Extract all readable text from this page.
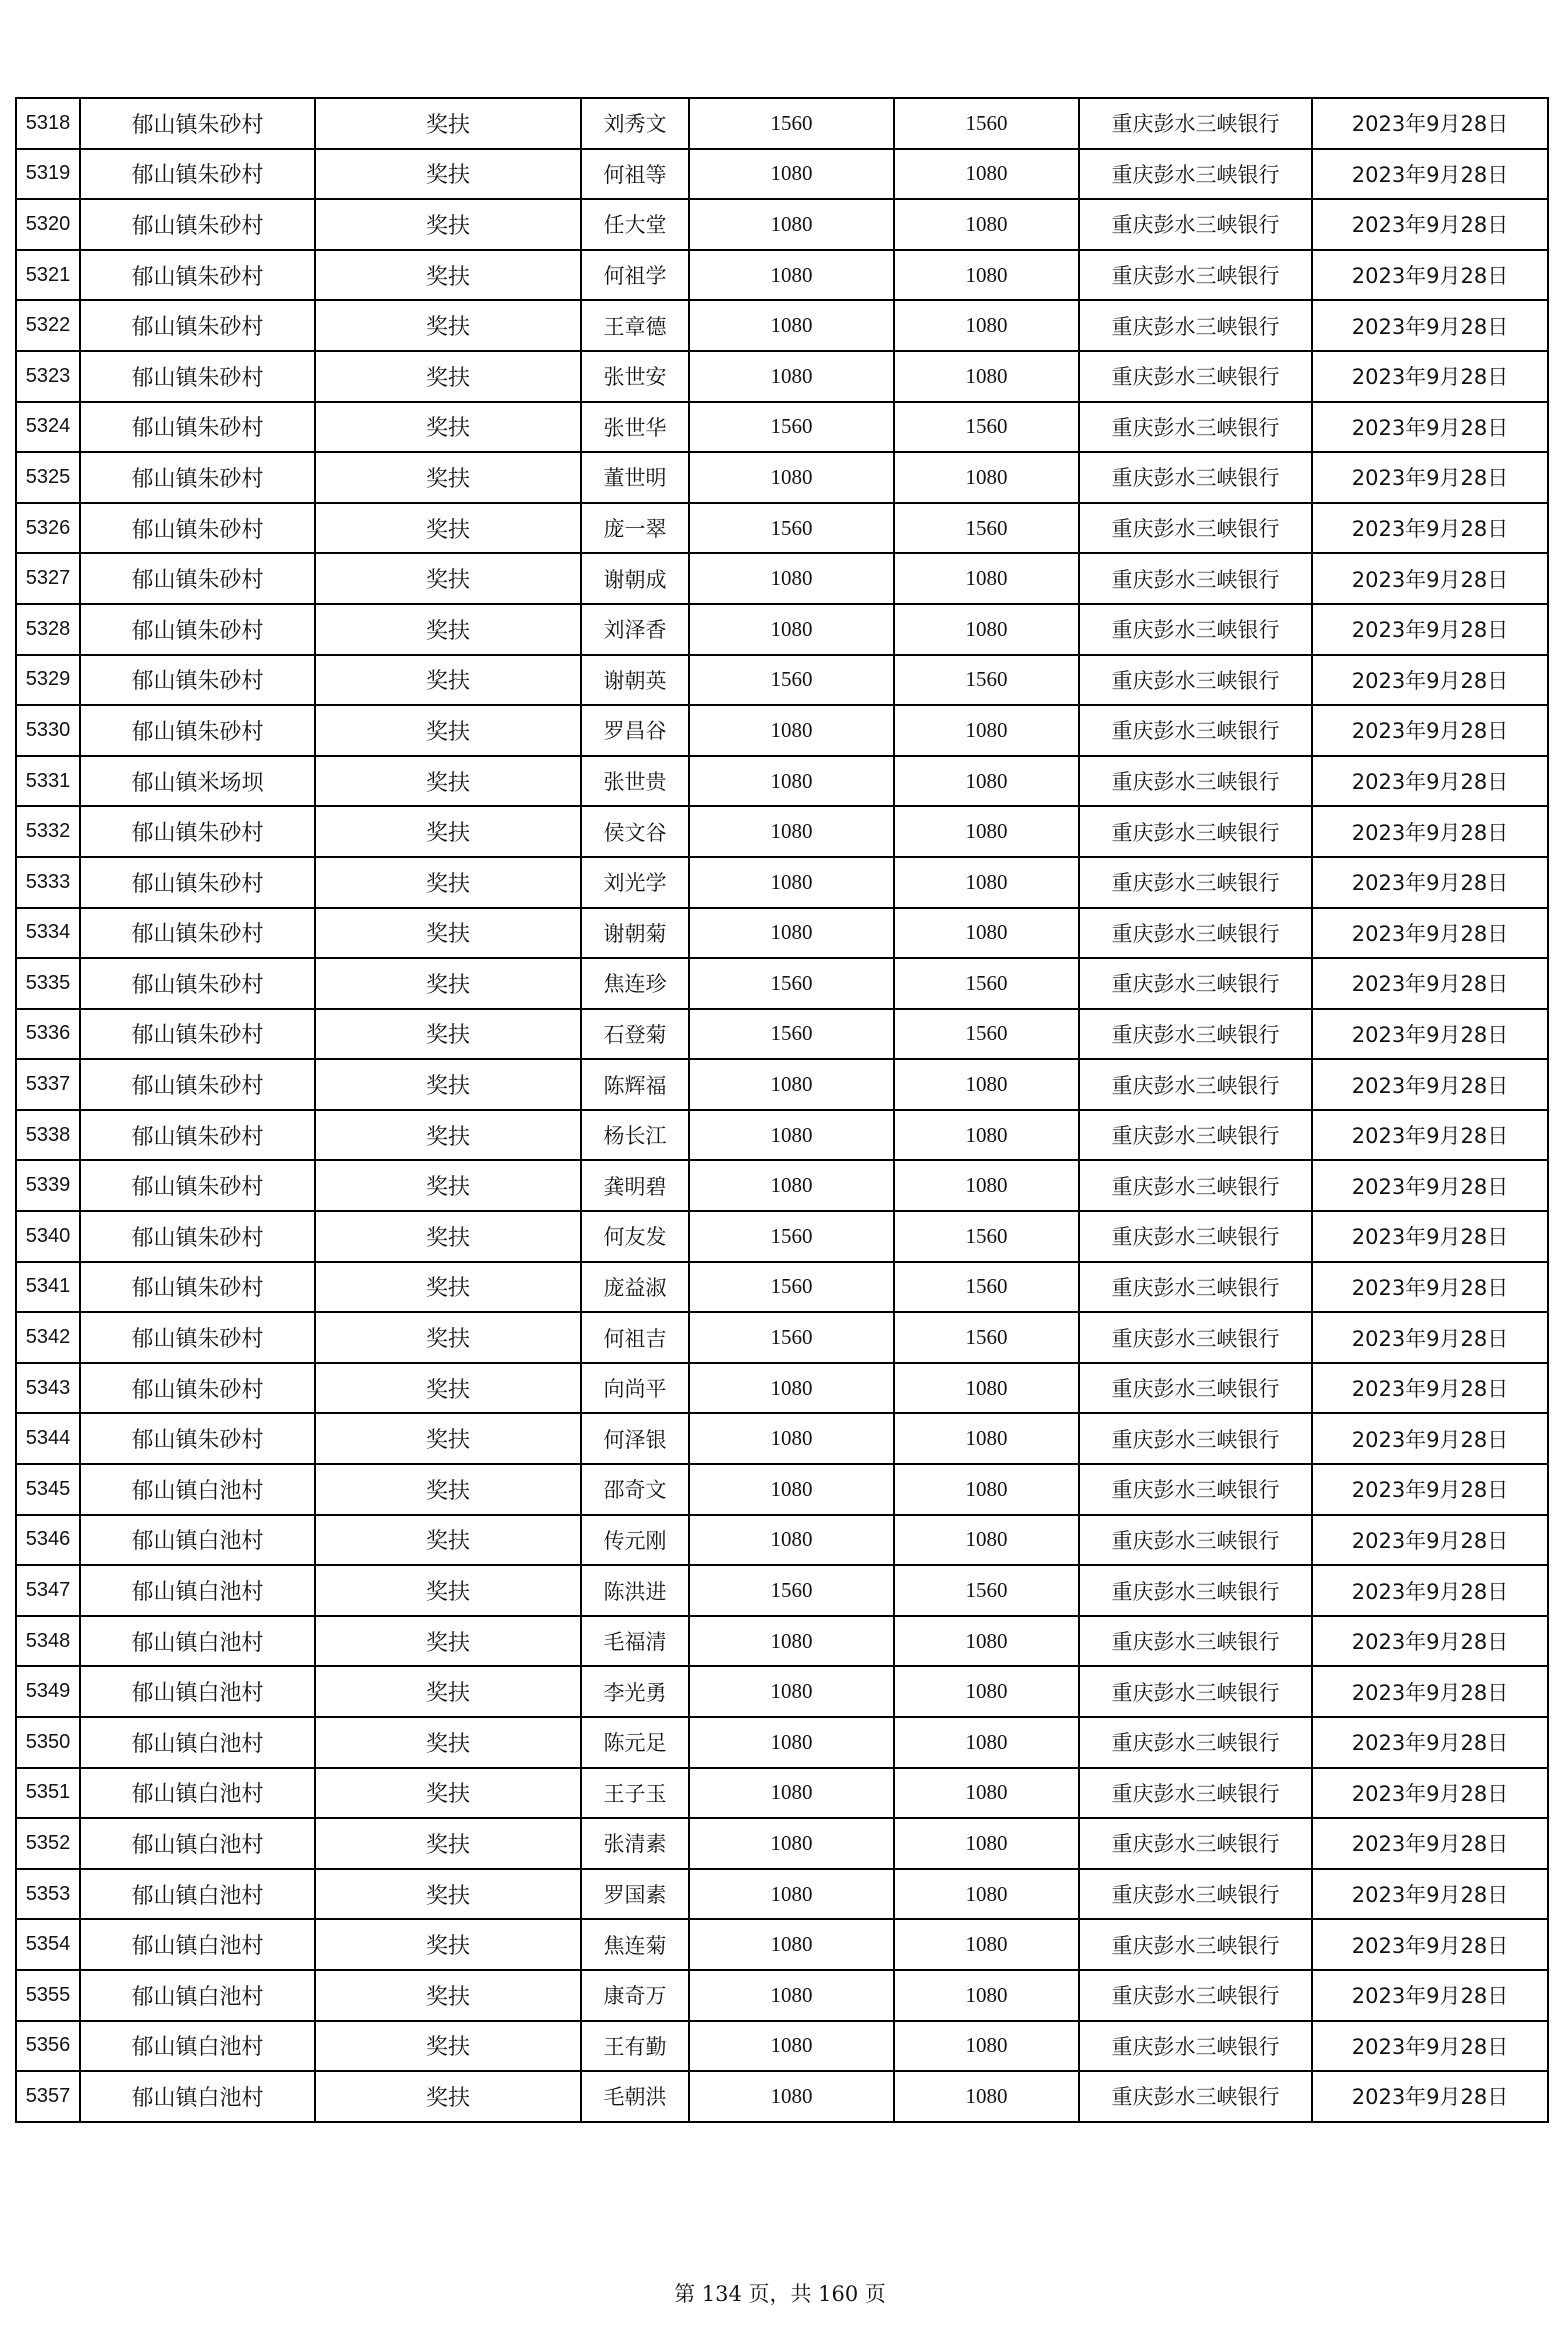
5318	郁山镇朱砂村	奖扶	刘秀文	1560	1560	重庆彭水三峡银行	2023年9月28日
5319	郁山镇朱砂村	奖扶	何祖等	1080	1080	重庆彭水三峡银行	2023年9月28日
5320	郁山镇朱砂村	奖扶	任大堂	1080	1080	重庆彭水三峡银行	2023年9月28日
5321	郁山镇朱砂村	奖扶	何祖学	1080	1080	重庆彭水三峡银行	2023年9月28日
5322	郁山镇朱砂村	奖扶	王章德	1080	1080	重庆彭水三峡银行	2023年9月28日
5323	郁山镇朱砂村	奖扶	张世安	1080	1080	重庆彭水三峡银行	2023年9月28日
5324	郁山镇朱砂村	奖扶	张世华	1560	1560	重庆彭水三峡银行	2023年9月28日
5325	郁山镇朱砂村	奖扶	董世明	1080	1080	重庆彭水三峡银行	2023年9月28日
5326	郁山镇朱砂村	奖扶	庞一翠	1560	1560	重庆彭水三峡银行	2023年9月28日
5327	郁山镇朱砂村	奖扶	谢朝成	1080	1080	重庆彭水三峡银行	2023年9月28日
5328	郁山镇朱砂村	奖扶	刘泽香	1080	1080	重庆彭水三峡银行	2023年9月28日
5329	郁山镇朱砂村	奖扶	谢朝英	1560	1560	重庆彭水三峡银行	2023年9月28日
5330	郁山镇朱砂村	奖扶	罗昌谷	1080	1080	重庆彭水三峡银行	2023年9月28日
5331	郁山镇米场坝	奖扶	张世贵	1080	1080	重庆彭水三峡银行	2023年9月28日
5332	郁山镇朱砂村	奖扶	侯文谷	1080	1080	重庆彭水三峡银行	2023年9月28日
5333	郁山镇朱砂村	奖扶	刘光学	1080	1080	重庆彭水三峡银行	2023年9月28日
5334	郁山镇朱砂村	奖扶	谢朝菊	1080	1080	重庆彭水三峡银行	2023年9月28日
5335	郁山镇朱砂村	奖扶	焦连珍	1560	1560	重庆彭水三峡银行	2023年9月28日
5336	郁山镇朱砂村	奖扶	石登菊	1560	1560	重庆彭水三峡银行	2023年9月28日
5337	郁山镇朱砂村	奖扶	陈辉福	1080	1080	重庆彭水三峡银行	2023年9月28日
5338	郁山镇朱砂村	奖扶	杨长江	1080	1080	重庆彭水三峡银行	2023年9月28日
5339	郁山镇朱砂村	奖扶	龚明碧	1080	1080	重庆彭水三峡银行	2023年9月28日
5340	郁山镇朱砂村	奖扶	何友发	1560	1560	重庆彭水三峡银行	2023年9月28日
5341	郁山镇朱砂村	奖扶	庞益淑	1560	1560	重庆彭水三峡银行	2023年9月28日
5342	郁山镇朱砂村	奖扶	何祖吉	1560	1560	重庆彭水三峡银行	2023年9月28日
5343	郁山镇朱砂村	奖扶	向尚平	1080	1080	重庆彭水三峡银行	2023年9月28日
5344	郁山镇朱砂村	奖扶	何泽银	1080	1080	重庆彭水三峡银行	2023年9月28日
5345	郁山镇白池村	奖扶	邵奇文	1080	1080	重庆彭水三峡银行	2023年9月28日
5346	郁山镇白池村	奖扶	传元刚	1080	1080	重庆彭水三峡银行	2023年9月28日
5347	郁山镇白池村	奖扶	陈洪进	1560	1560	重庆彭水三峡银行	2023年9月28日
5348	郁山镇白池村	奖扶	毛福清	1080	1080	重庆彭水三峡银行	2023年9月28日
5349	郁山镇白池村	奖扶	李光勇	1080	1080	重庆彭水三峡银行	2023年9月28日
5350	郁山镇白池村	奖扶	陈元足	1080	1080	重庆彭水三峡银行	2023年9月28日
5351	郁山镇白池村	奖扶	王子玉	1080	1080	重庆彭水三峡银行	2023年9月28日
5352	郁山镇白池村	奖扶	张清素	1080	1080	重庆彭水三峡银行	2023年9月28日
5353	郁山镇白池村	奖扶	罗国素	1080	1080	重庆彭水三峡银行	2023年9月28日
5354	郁山镇白池村	奖扶	焦连菊	1080	1080	重庆彭水三峡银行	2023年9月28日
5355	郁山镇白池村	奖扶	康奇万	1080	1080	重庆彭水三峡银行	2023年9月28日
5356	郁山镇白池村	奖扶	王有勤	1080	1080	重庆彭水三峡银行	2023年9月28日
5357	郁山镇白池村	奖扶	毛朝洪	1080	1080	重庆彭水三峡银行	2023年9月28日
第 134 页，共 160 页
